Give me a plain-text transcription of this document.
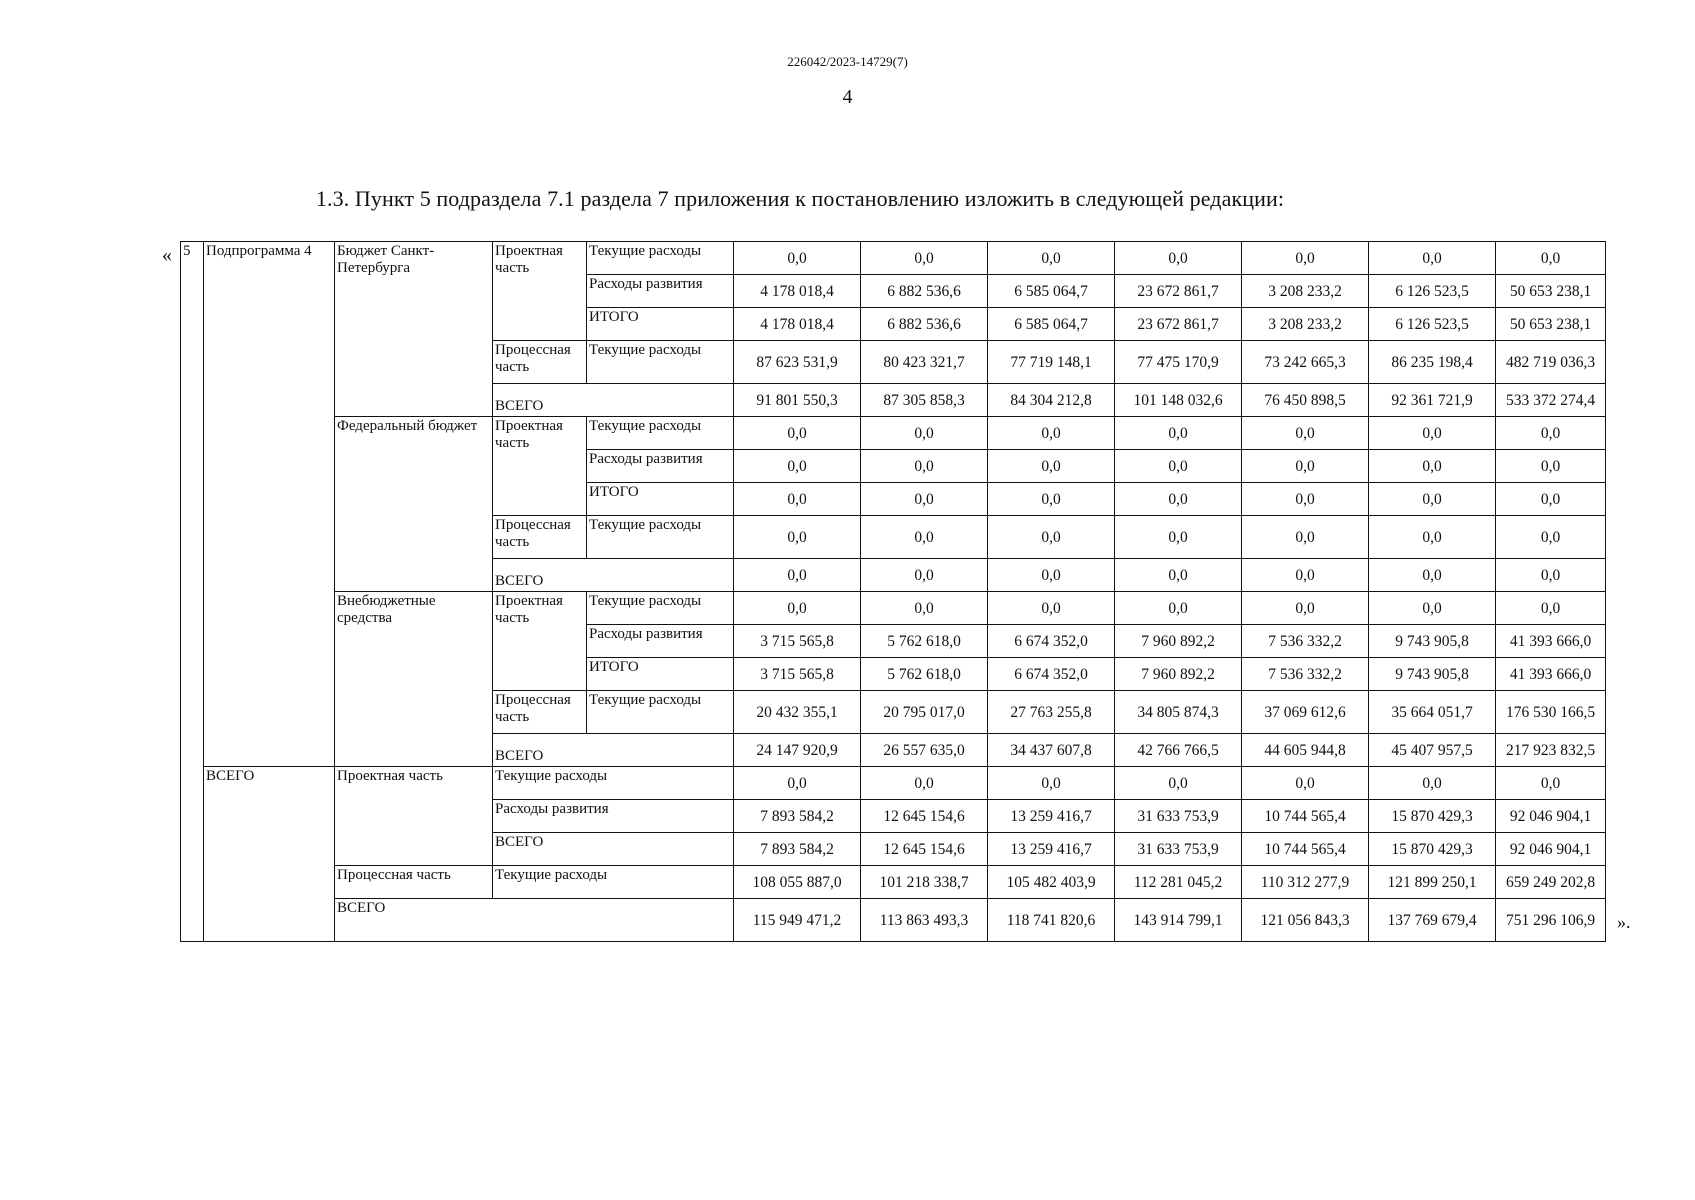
226042/2023-14729(7)
4
1.3. Пункт 5 подраздела 7.1 раздела 7 приложения к постановлению изложить в следующей редакции:
«
».
5	Подпрограмма 4	Бюджет Санкт-Петербурга	Проектная часть	Текущие расходы	0,0	0,0	0,0	0,0	0,0	0,0	0,0
				Расходы развития	4 178 018,4	6 882 536,6	6 585 064,7	23 672 861,7	3 208 233,2	6 126 523,5	50 653 238,1
				ИТОГО	4 178 018,4	6 882 536,6	6 585 064,7	23 672 861,7	3 208 233,2	6 126 523,5	50 653 238,1
			Процессная часть	Текущие расходы	87 623 531,9	80 423 321,7	77 719 148,1	77 475 170,9	73 242 665,3	86 235 198,4	482 719 036,3
			ВСЕГО		91 801 550,3	87 305 858,3	84 304 212,8	101 148 032,6	76 450 898,5	92 361 721,9	533 372 274,4
		Федеральный бюджет	Проектная часть	Текущие расходы	0,0	0,0	0,0	0,0	0,0	0,0	0,0
				Расходы развития	0,0	0,0	0,0	0,0	0,0	0,0	0,0
				ИТОГО	0,0	0,0	0,0	0,0	0,0	0,0	0,0
			Процессная часть	Текущие расходы	0,0	0,0	0,0	0,0	0,0	0,0	0,0
			ВСЕГО		0,0	0,0	0,0	0,0	0,0	0,0	0,0
		Внебюджетные средства	Проектная часть	Текущие расходы	0,0	0,0	0,0	0,0	0,0	0,0	0,0
				Расходы развития	3 715 565,8	5 762 618,0	6 674 352,0	7 960 892,2	7 536 332,2	9 743 905,8	41 393 666,0
				ИТОГО	3 715 565,8	5 762 618,0	6 674 352,0	7 960 892,2	7 536 332,2	9 743 905,8	41 393 666,0
			Процессная часть	Текущие расходы	20 432 355,1	20 795 017,0	27 763 255,8	34 805 874,3	37 069 612,6	35 664 051,7	176 530 166,5
			ВСЕГО		24 147 920,9	26 557 635,0	34 437 607,8	42 766 766,5	44 605 944,8	45 407 957,5	217 923 832,5
	ВСЕГО	Проектная часть	Текущие расходы		0,0	0,0	0,0	0,0	0,0	0,0	0,0
			Расходы развития		7 893 584,2	12 645 154,6	13 259 416,7	31 633 753,9	10 744 565,4	15 870 429,3	92 046 904,1
			ВСЕГО		7 893 584,2	12 645 154,6	13 259 416,7	31 633 753,9	10 744 565,4	15 870 429,3	92 046 904,1
		Процессная часть	Текущие расходы		108 055 887,0	101 218 338,7	105 482 403,9	112 281 045,2	110 312 277,9	121 899 250,1	659 249 202,8
		ВСЕГО			115 949 471,2	113 863 493,3	118 741 820,6	143 914 799,1	121 056 843,3	137 769 679,4	751 296 106,9
